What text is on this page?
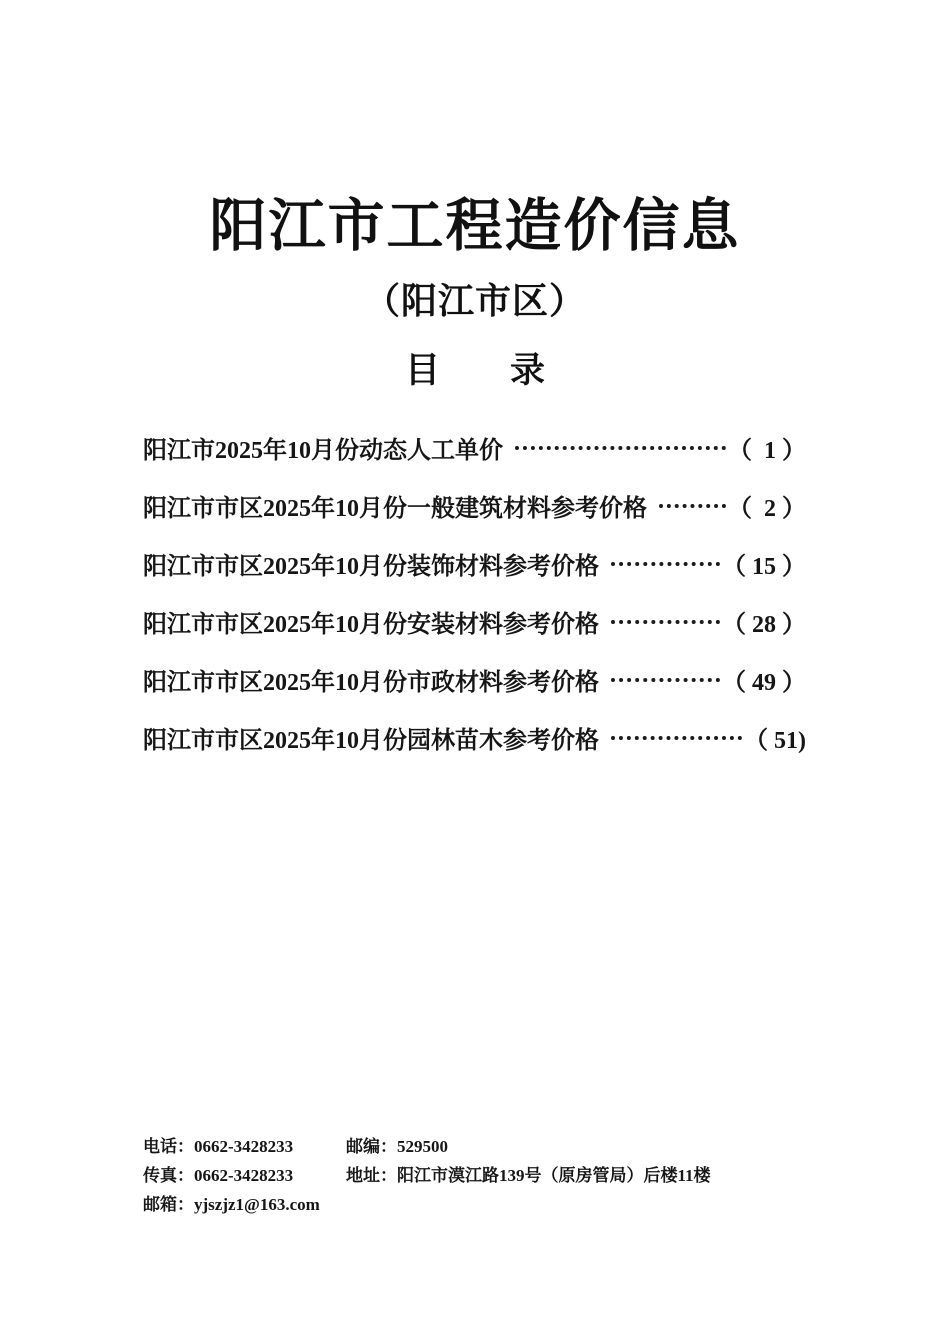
阳江市工程造价信息
（阳江市区）
目　　录
阳江市2025年10月份动态人工单价	（  1 ）
阳江市市区2025年10月份一般建筑材料参考价格	（  2 ）
阳江市市区2025年10月份装饰材料参考价格	（ 15 ）
阳江市市区2025年10月份安装材料参考价格	（ 28 ）
阳江市市区2025年10月份市政材料参考价格	（ 49 ）
阳江市市区2025年10月份园林苗木参考价格	（ 51)
电话：0662-3428233	邮编：529500
传真：0662-3428233	地址：阳江市漠江路139号（原房管局）后楼11楼
邮箱：yjszjz1@163.com
